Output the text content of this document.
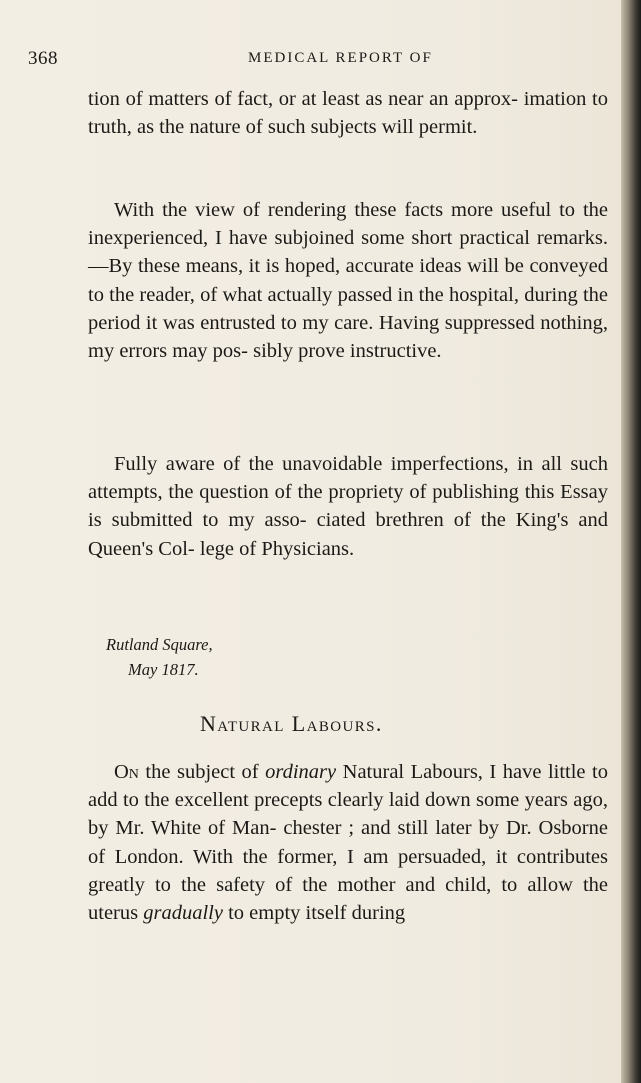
368	MEDICAL REPORT OF

tion of matters of fact, or at least as near an approx- imation to truth, as the nature of such subjects will permit.

With the view of rendering these facts more useful to the inexperienced, I have subjoined some short practical remarks.—By these means, it is hoped, accurate ideas will be conveyed to the reader, of what actually passed in the hospital, during the period it was entrusted to my care. Having suppressed nothing, my errors may pos- sibly prove instructive.

Fully aware of the unavoidable imperfections, in all such attempts, the question of the propriety of publishing this Essay is submitted to my asso- ciated brethren of the King's and Queen's Col- lege of Physicians.

Rutland Square,
May 1817.
Natural Labours.

On the subject of ordinary Natural Labours, I have little to add to the excellent precepts clearly laid down some years ago, by Mr. White of Man- chester ; and still later by Dr. Osborne of London. With the former, I am persuaded, it contributes greatly to the safety of the mother and child, to allow the uterus gradually to empty itself during
